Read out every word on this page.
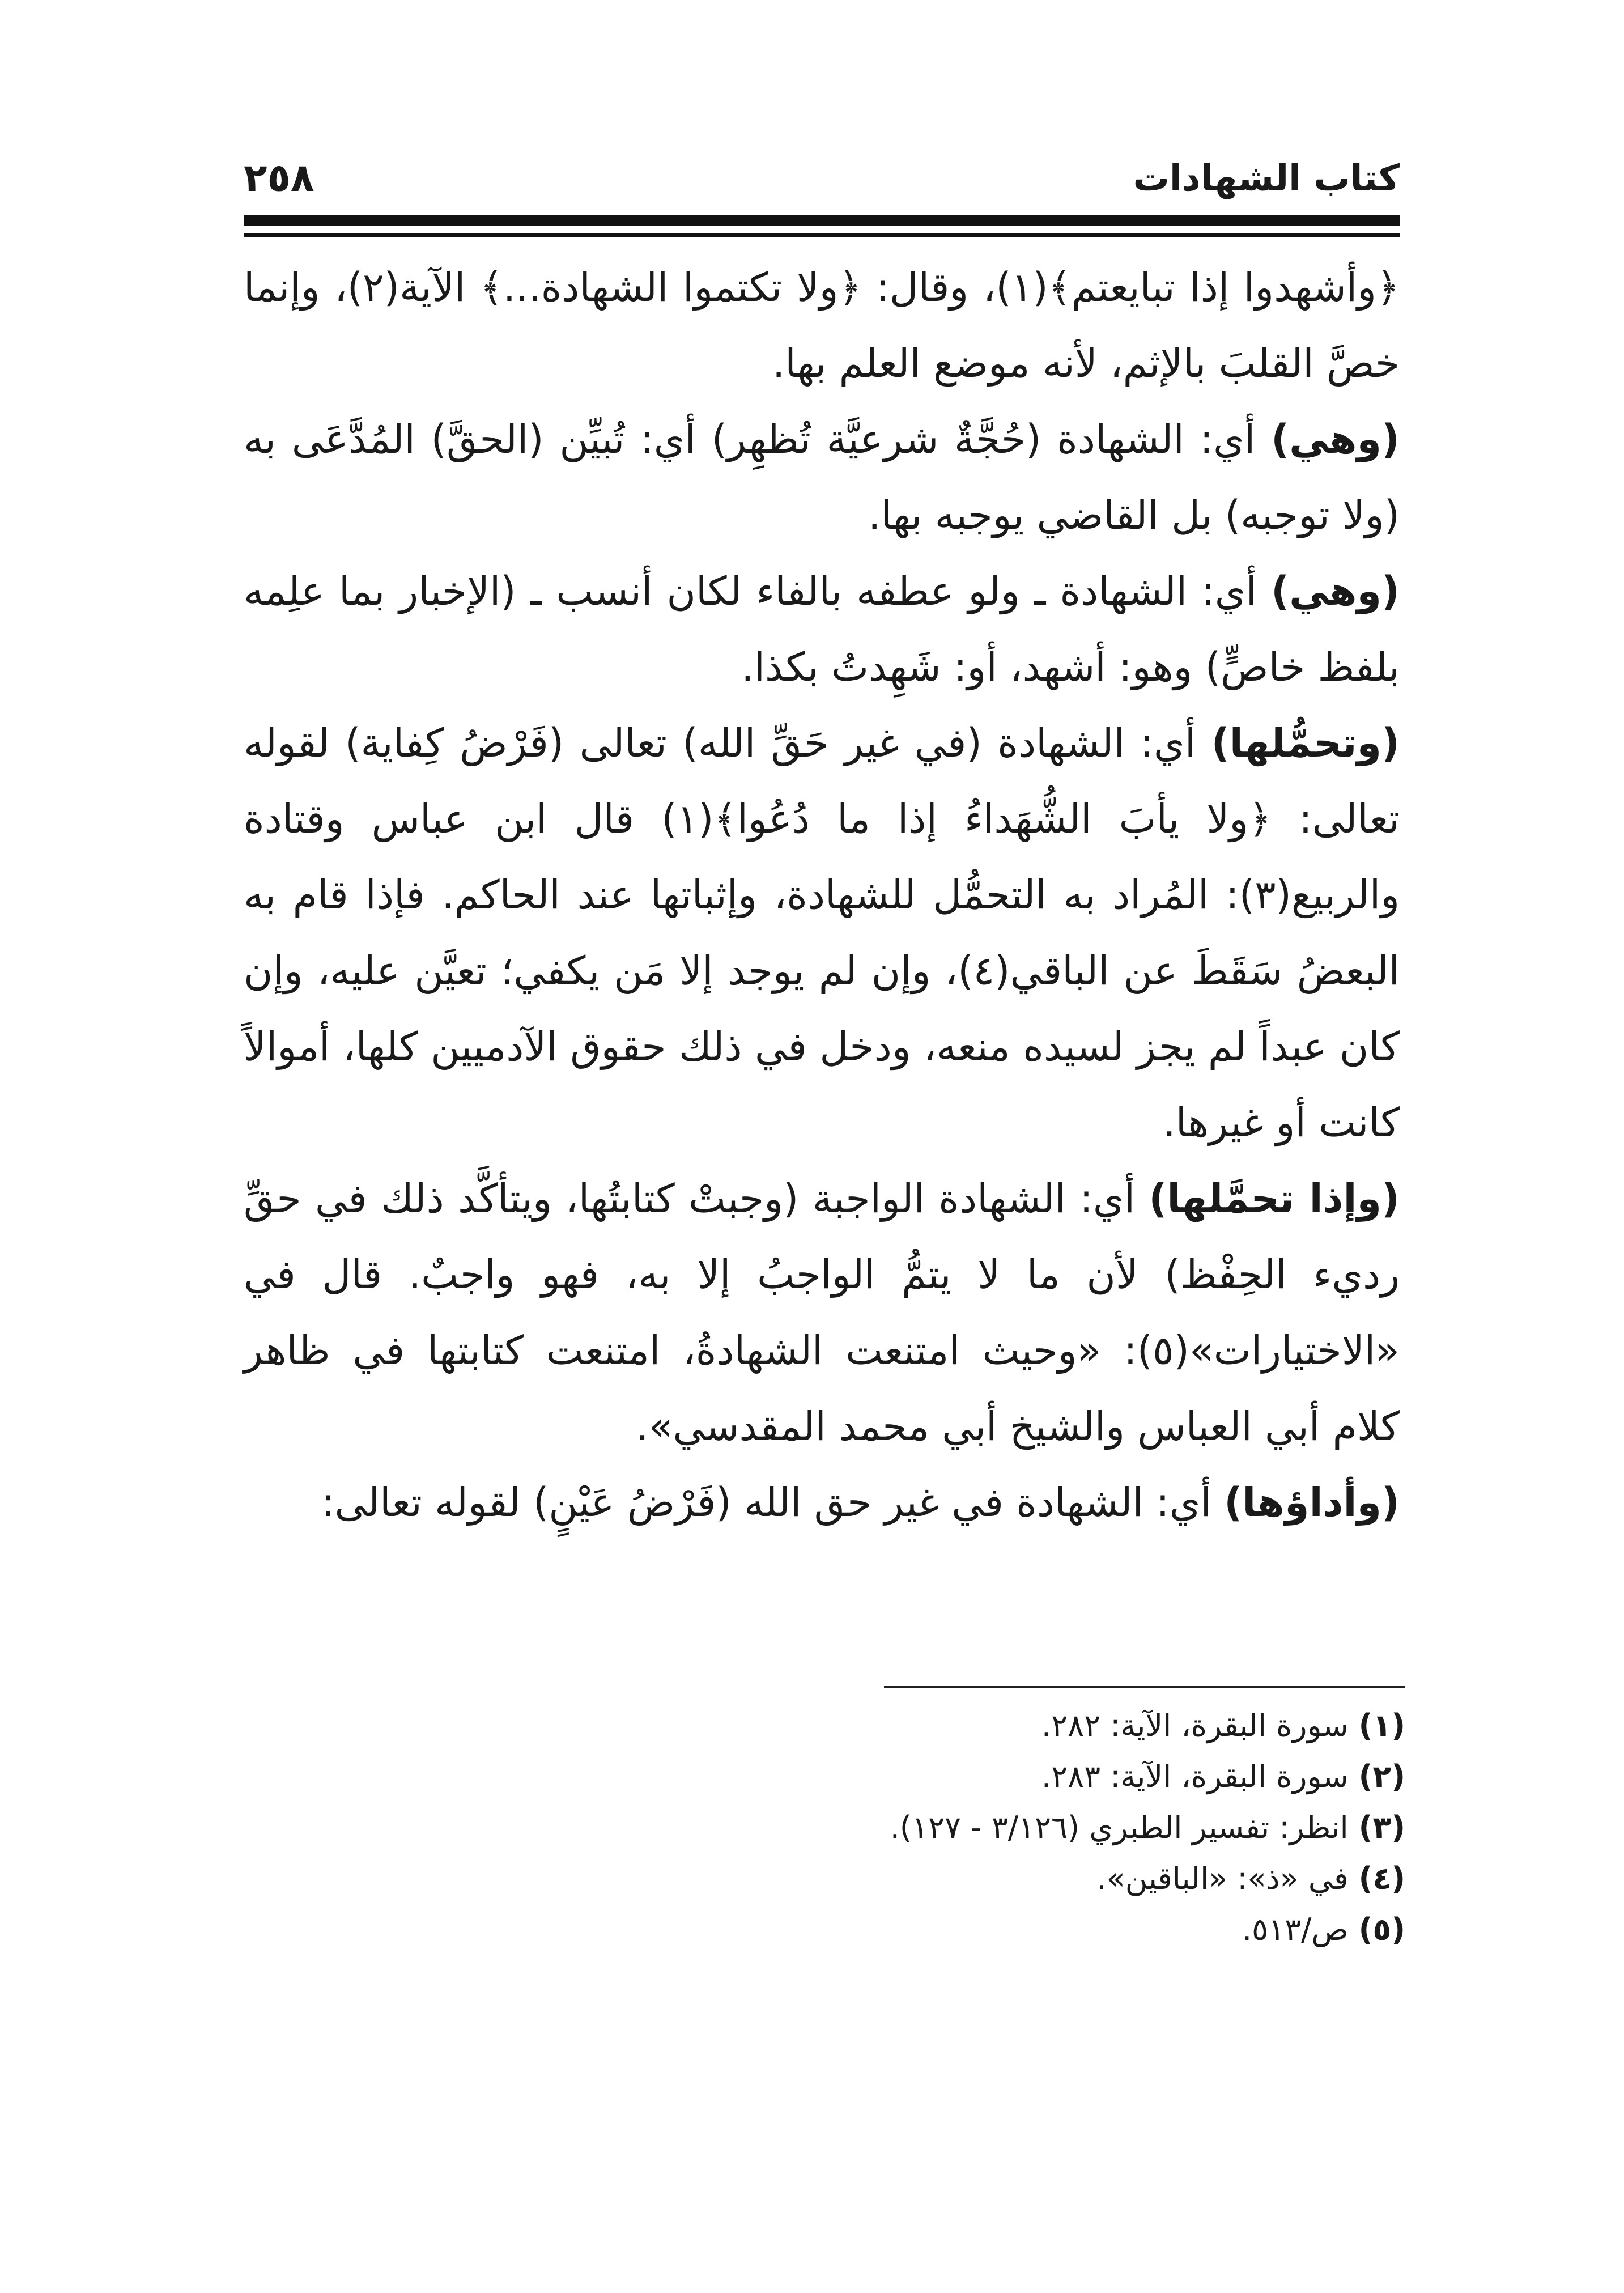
كتاب الشهادات
٢٥٨

﴿وأشهدوا إذا تبايعتم﴾(١)، وقال: ﴿ولا تكتموا الشهادة...﴾ الآية(٢)، وإنما خصَّ القلبَ بالإثم، لأنه موضع العلم بها.

(وهي) أي: الشهادة (حُجَّةٌ شرعيَّة تُظهِر) أي: تُبيِّن (الحقَّ) المُدَّعَى به (ولا توجبه) بل القاضي يوجبه بها.

(وهي) أي: الشهادة ـ ولو عطفه بالفاء لكان أنسب ـ (الإخبار بما علِمه بلفظ خاصٍّ) وهو: أشهد، أو: شَهِدتُ بكذا.

(وتحمُّلها) أي: الشهادة (في غير حَقِّ الله) تعالى (فَرْضُ كِفاية) لقوله تعالى: ﴿ولا يأبَ الشُّهَداءُ إذا ما دُعُوا﴾(١) قال ابن عباس وقتادة والربيع(٣): المُراد به التحمُّل للشهادة، وإثباتها عند الحاكم. فإذا قام به البعضُ سَقَطَ عن الباقي(٤)، وإن لم يوجد إلا مَن يكفي؛ تعيَّن عليه، وإن كان عبداً لم يجز لسيده منعه، ودخل في ذلك حقوق الآدميين كلها، أموالاً كانت أو غيرها.

(وإذا تحمَّلها) أي: الشهادة الواجبة (وجبتْ كتابتُها، ويتأكَّد ذلك في حقِّ رديء الحِفْظ) لأن ما لا يتمُّ الواجبُ إلا به، فهو واجبٌ. قال في «الاختيارات»(٥): «وحيث امتنعت الشهادةُ، امتنعت كتابتها في ظاهر كلام أبي العباس والشيخ أبي محمد المقدسي».

(وأداؤها) أي: الشهادة في غير حق الله (فَرْضُ عَيْنٍ) لقوله تعالى:

(١)سورة البقرة، الآية: ٢٨٢.

(٢)سورة البقرة، الآية: ٢٨٣.

(٣)انظر: تفسير الطبري (٣/١٢٦ - ١٢٧).

(٤)في «ذ»: «الباقين».

(٥)ص/٥١٣.
